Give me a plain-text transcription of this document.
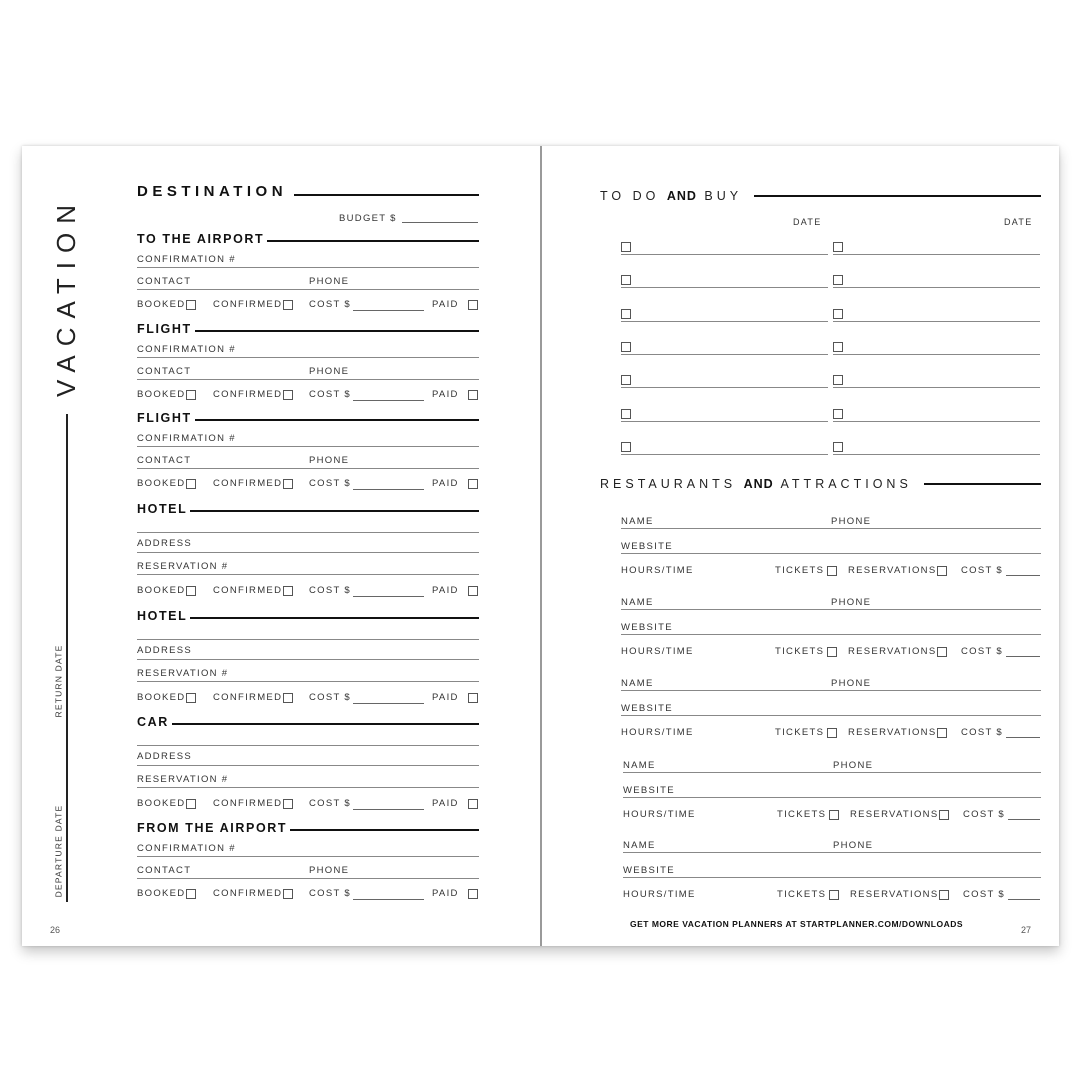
VACATION
RETURN DATE
DEPARTURE DATE
26
DESTINATION
BUDGET $
TO THE AIRPORT
CONFIRMATION #
CONTACT	PHONE
BOOKED	CONFIRMED	COST $	PAID
FLIGHT
CONFIRMATION #
CONTACT	PHONE
BOOKED	CONFIRMED	COST $	PAID
FLIGHT
CONFIRMATION #
CONTACT	PHONE
BOOKED	CONFIRMED	COST $	PAID
HOTEL
ADDRESS
RESERVATION #
BOOKED	CONFIRMED	COST $	PAID
HOTEL
ADDRESS
RESERVATION #
BOOKED	CONFIRMED	COST $	PAID
CAR
ADDRESS
RESERVATION #
BOOKED	CONFIRMED	COST $	PAID
FROM THE AIRPORT
CONFIRMATION #
CONTACT	PHONE
BOOKED	CONFIRMED	COST $	PAID
TO DO AND BUY
DATE	DATE
RESTAURANTS AND ATTRACTIONS
NAME	PHONE
WEBSITE
HOURS/TIME	TICKETS	RESERVATIONS	COST $
NAME	PHONE
WEBSITE
HOURS/TIME	TICKETS	RESERVATIONS	COST $
NAME	PHONE
WEBSITE
HOURS/TIME	TICKETS	RESERVATIONS	COST $
NAME	PHONE
WEBSITE
HOURS/TIME	TICKETS	RESERVATIONS	COST $
NAME	PHONE
WEBSITE
HOURS/TIME	TICKETS	RESERVATIONS	COST $
GET MORE VACATION PLANNERS AT STARTPLANNER.COM/DOWNLOADS
27
